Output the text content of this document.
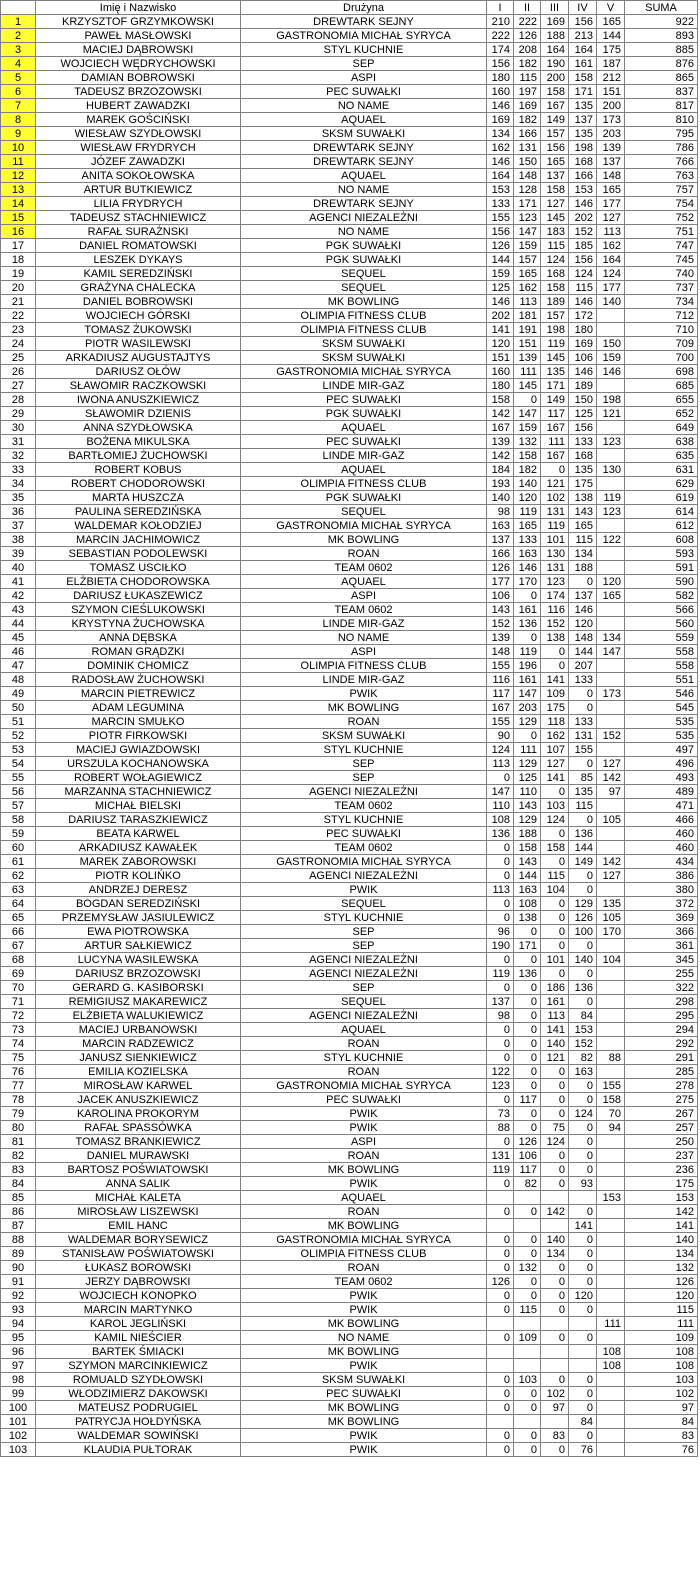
	Imię i Nazwisko	Drużyna	I	II	III	IV	V	SUMA
1	KRZYSZTOF GRZYMKOWSKI	DREWTARK SEJNY	210	222	169	156	165	922
2	PAWEŁ MASŁOWSKI	GASTRONOMIA MICHAŁ SYRYCA	222	126	188	213	144	893
3	MACIEJ DĄBROWSKI	STYL KUCHNIE	174	208	164	164	175	885
4	WOJCIECH WĘDRYCHOWSKI	SEP	156	182	190	161	187	876
5	DAMIAN BOBROWSKI	ASPI	180	115	200	158	212	865
6	TADEUSZ BRZOZOWSKI	PEC SUWAŁKI	160	197	158	171	151	837
7	HUBERT ZAWADZKI	NO NAME	146	169	167	135	200	817
8	MAREK GOŚCIŃSKI	AQUAEL	169	182	149	137	173	810
9	WIESŁAW SZYDŁOWSKI	SKSM SUWAŁKI	134	166	157	135	203	795
10	WIESŁAW FRYDRYCH	DREWTARK SEJNY	162	131	156	198	139	786
11	JÓZEF ZAWADZKI	DREWTARK SEJNY	146	150	165	168	137	766
12	ANITA SOKOŁOWSKA	AQUAEL	164	148	137	166	148	763
13	ARTUR BUTKIEWICZ	NO NAME	153	128	158	153	165	757
14	LILIA FRYDRYCH	DREWTARK SEJNY	133	171	127	146	177	754
15	TADEUSZ STACHNIEWICZ	AGENCI NIEZALEŻNI	155	123	145	202	127	752
16	RAFAŁ SURAŻNSKI	NO NAME	156	147	183	152	113	751
17	DANIEL ROMATOWSKI	PGK SUWAŁKI	126	159	115	185	162	747
18	LESZEK DYKAYS	PGK SUWAŁKI	144	157	124	156	164	745
19	KAMIL SEREDZIŃSKI	SEQUEL	159	165	168	124	124	740
20	GRAŻYNA CHALECKA	SEQUEL	125	162	158	115	177	737
21	DANIEL BOBROWSKI	MK BOWLING	146	113	189	146	140	734
22	WOJCIECH GÓRSKI	OLIMPIA FITNESS CLUB	202	181	157	172		712
23	TOMASZ ŻUKOWSKI	OLIMPIA FITNESS CLUB	141	191	198	180		710
24	PIOTR WASILEWSKI	SKSM SUWAŁKI	120	151	119	169	150	709
25	ARKADIUSZ AUGUSTAJTYS	SKSM SUWAŁKI	151	139	145	106	159	700
26	DARIUSZ OŁÓW	GASTRONOMIA MICHAŁ SYRYCA	160	111	135	146	146	698
27	SŁAWOMIR RACZKOWSKI	LINDE MIR-GAZ	180	145	171	189		685
28	IWONA ANUSZKIEWICZ	PEC SUWAŁKI	158	0	149	150	198	655
29	SŁAWOMIR DZIENIS	PGK SUWAŁKI	142	147	117	125	121	652
30	ANNA SZYDŁOWSKA	AQUAEL	167	159	167	156		649
31	BOŻENA MIKULSKA	PEC SUWAŁKI	139	132	111	133	123	638
32	BARTŁOMIEJ ŻUCHOWSKI	LINDE MIR-GAZ	142	158	167	168		635
33	ROBERT KOBUS	AQUAEL	184	182	0	135	130	631
34	ROBERT CHODOROWSKI	OLIMPIA FITNESS CLUB	193	140	121	175		629
35	MARTA HUSZCZA	PGK SUWAŁKI	140	120	102	138	119	619
36	PAULINA SEREDZIŃSKA	SEQUEL	98	119	131	143	123	614
37	WALDEMAR KOŁODZIEJ	GASTRONOMIA MICHAŁ SYRYCA	163	165	119	165		612
38	MARCIN JACHIMOWICZ	MK BOWLING	137	133	101	115	122	608
39	SEBASTIAN PODOLEWSKI	ROAN	166	163	130	134		593
40	TOMASZ USCIŁKO	TEAM 0602	126	146	131	188		591
41	ELŻBIETA CHODOROWSKA	AQUAEL	177	170	123	0	120	590
42	DARIUSZ ŁUKASZEWICZ	ASPI	106	0	174	137	165	582
43	SZYMON CIEŚLUKOWSKI	TEAM 0602	143	161	116	146		566
44	KRYSTYNA ŻUCHOWSKA	LINDE MIR-GAZ	152	136	152	120		560
45	ANNA DĘBSKA	NO NAME	139	0	138	148	134	559
46	ROMAN GRĄDZKI	ASPI	148	119	0	144	147	558
47	DOMINIK CHOMICZ	OLIMPIA FITNESS CLUB	155	196	0	207		558
48	RADOSŁAW ŻUCHOWSKI	LINDE MIR-GAZ	116	161	141	133		551
49	MARCIN PIETREWICZ	PWIK	117	147	109	0	173	546
50	ADAM LEGUMINA	MK BOWLING	167	203	175	0		545
51	MARCIN SMUŁKO	ROAN	155	129	118	133		535
52	PIOTR FIRKOWSKI	SKSM SUWAŁKI	90	0	162	131	152	535
53	MACIEJ GWIAZDOWSKI	STYL KUCHNIE	124	111	107	155		497
54	URSZULA KOCHANOWSKA	SEP	113	129	127	0	127	496
55	ROBERT WOŁAGIEWICZ	SEP	0	125	141	85	142	493
56	MARZANNA STACHNIEWICZ	AGENCI NIEZALEŻNI	147	110	0	135	97	489
57	MICHAŁ BIELSKI	TEAM 0602	110	143	103	115		471
58	DARIUSZ TARASZKIEWICZ	STYL KUCHNIE	108	129	124	0	105	466
59	BEATA KARWEL	PEC SUWAŁKI	136	188	0	136		460
60	ARKADIUSZ KAWAŁEK	TEAM 0602	0	158	158	144		460
61	MAREK ZABOROWSKI	GASTRONOMIA MICHAŁ SYRYCA	0	143	0	149	142	434
62	PIOTR KOLIŃKO	AGENCI NIEZALEŻNI	0	144	115	0	127	386
63	ANDRZEJ DERESZ	PWIK	113	163	104	0		380
64	BOGDAN SEREDZIŃSKI	SEQUEL	0	108	0	129	135	372
65	PRZEMYSŁAW JASIULEWICZ	STYL KUCHNIE	0	138	0	126	105	369
66	EWA PIOTROWSKA	SEP	96	0	0	100	170	366
67	ARTUR SAŁKIEWICZ	SEP	190	171	0	0		361
68	LUCYNA WASILEWSKA	AGENCI NIEZALEŻNI	0	0	101	140	104	345
69	DARIUSZ BRZOZOWSKI	AGENCI NIEZALEŻNI	119	136	0	0		255
70	GERARD G. KASIBORSKI	SEP	0	0	186	136		322
71	REMIGIUSZ MAKAREWICZ	SEQUEL	137	0	161	0		298
72	ELŻBIETA WALUKIEWICZ	AGENCI NIEZALEŻNI	98	0	113	84		295
73	MACIEJ URBANOWSKI	AQUAEL	0	0	141	153		294
74	MARCIN RADZEWICZ	ROAN	0	0	140	152		292
75	JANUSZ SIENKIEWICZ	STYL KUCHNIE	0	0	121	82	88	291
76	EMILIA KOZIELSKA	ROAN	122	0	0	163		285
77	MIROSŁAW KARWEL	GASTRONOMIA MICHAŁ SYRYCA	123	0	0	0	155	278
78	JACEK ANUSZKIEWICZ	PEC SUWAŁKI	0	117	0	0	158	275
79	KAROLINA PROKORYM	PWIK	73	0	0	124	70	267
80	RAFAŁ SPASSÓWKA	PWIK	88	0	75	0	94	257
81	TOMASZ BRANKIEWICZ	ASPI	0	126	124	0		250
82	DANIEL MURAWSKI	ROAN	131	106	0	0		237
83	BARTOSZ POŚWIATOWSKI	MK BOWLING	119	117	0	0		236
84	ANNA SALIK	PWIK	0	82	0	93		175
85	MICHAŁ KALETA	AQUAEL					153	153
86	MIROSŁAW LISZEWSKI	ROAN	0	0	142	0		142
87	EMIL HANC	MK BOWLING				141		141
88	WALDEMAR BORYSEWICZ	GASTRONOMIA MICHAŁ SYRYCA	0	0	140	0		140
89	STANISŁAW POŚWIATOWSKI	OLIMPIA FITNESS CLUB	0	0	134	0		134
90	ŁUKASZ BOROWSKI	ROAN	0	132	0	0		132
91	JERZY DĄBROWSKI	TEAM 0602	126	0	0	0		126
92	WOJCIECH KONOPKO	PWIK	0	0	0	120		120
93	MARCIN MARTYNKO	PWIK	0	115	0	0		115
94	KAROL JEGLIŃSKI	MK BOWLING					111	111
95	KAMIL NIEŚCIER	NO NAME	0	109	0	0		109
96	BARTEK ŚMIACKI	MK BOWLING					108	108
97	SZYMON MARCINKIEWICZ	PWIK					108	108
98	ROMUALD SZYDŁOWSKI	SKSM SUWAŁKI	0	103	0	0		103
99	WŁODZIMIERZ DAKOWSKI	PEC SUWAŁKI	0	0	102	0		102
100	MATEUSZ PODRUGIEL	MK BOWLING	0	0	97	0		97
101	PATRYCJA HOŁDYŃSKA	MK BOWLING				84		84
102	WALDEMAR SOWIŃSKI	PWIK	0	0	83	0		83
103	KLAUDIA PUŁTORAK	PWIK	0	0	0	76		76
